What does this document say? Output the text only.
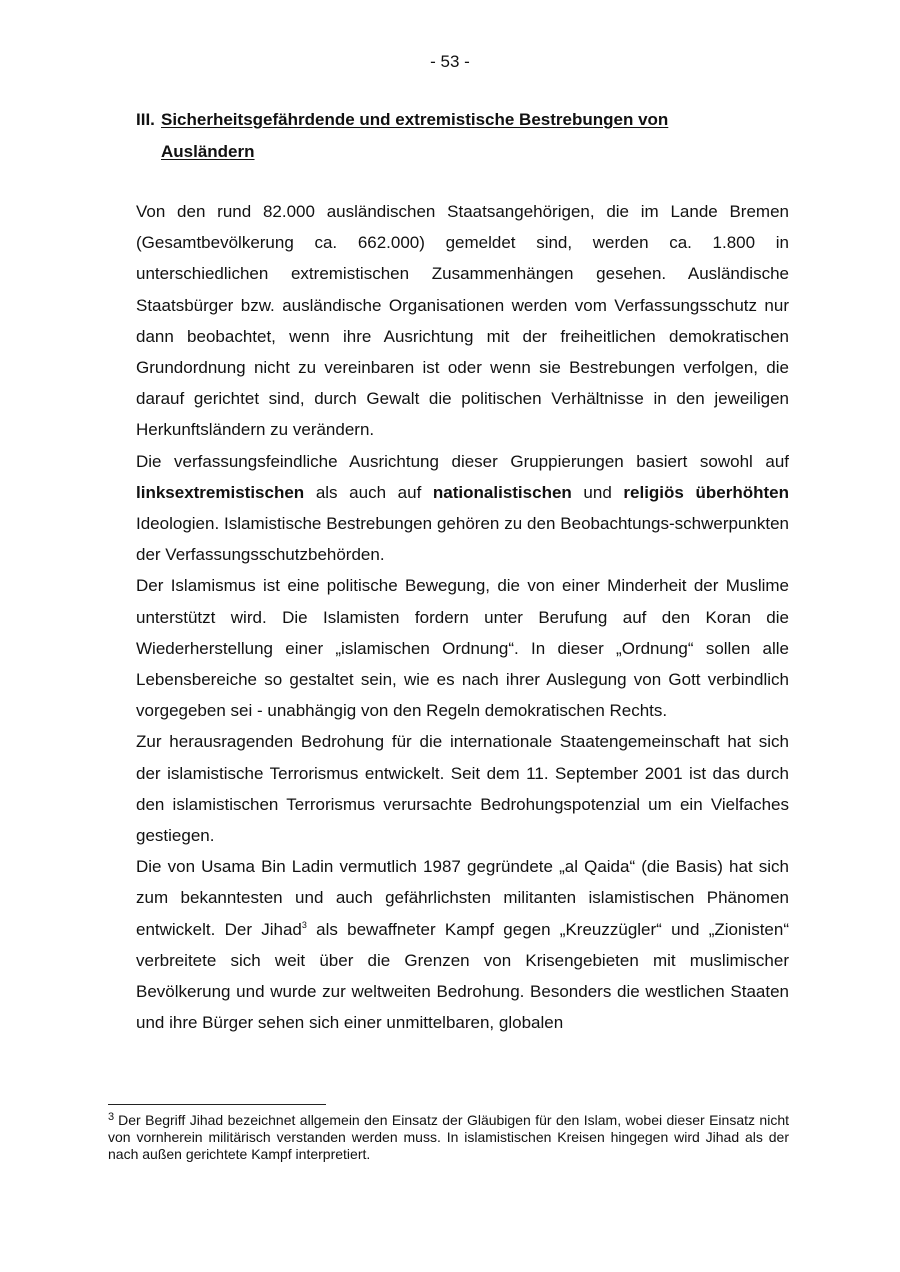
- 53 -
III. Sicherheitsgefährdende und extremistische Bestrebungen von
Ausländern

Von den rund 82.000 ausländischen Staatsangehörigen, die im Lande Bremen (Gesamtbevölkerung ca. 662.000) gemeldet sind, werden ca. 1.800 in unterschiedlichen extremistischen Zusammenhängen gesehen. Ausländische Staatsbürger bzw. ausländische Organisationen werden vom Verfassungsschutz nur dann beobachtet, wenn ihre Ausrichtung mit der freiheitlichen demokratischen Grundordnung nicht zu vereinbaren ist oder wenn sie Bestrebungen verfolgen, die darauf gerichtet sind, durch Gewalt die politischen Verhältnisse in den jeweiligen Herkunftsländern zu verändern.

Die verfassungsfeindliche Ausrichtung dieser Gruppierungen basiert sowohl auf linksextremistischen als auch auf nationalistischen und religiös überhöhten Ideologien. Islamistische Bestrebungen gehören zu den Beobachtungs-schwerpunkten der Verfassungsschutzbehörden.

Der Islamismus ist eine politische Bewegung, die von einer Minderheit der Muslime unterstützt wird. Die Islamisten fordern unter Berufung auf den Koran die Wiederherstellung einer „islamischen Ordnung“. In dieser „Ordnung“ sollen alle Lebensbereiche so gestaltet sein, wie es nach ihrer Auslegung von Gott verbindlich vorgegeben sei - unabhängig von den Regeln demokratischen Rechts.

Zur herausragenden Bedrohung für die internationale Staatengemeinschaft hat sich der islamistische Terrorismus entwickelt. Seit dem 11. September 2001 ist das durch den islamistischen Terrorismus verursachte Bedrohungspotenzial um ein Vielfaches gestiegen.

Die von Usama Bin Ladin vermutlich 1987 gegründete „al Qaida“ (die Basis) hat sich zum bekanntesten und auch gefährlichsten militanten islamistischen Phänomen entwickelt. Der Jihad$^3$ als bewaffneter Kampf gegen „Kreuzzügler“ und „Zionisten“ verbreitete sich weit über die Grenzen von Krisengebieten mit muslimischer Bevölkerung und wurde zur weltweiten Bedrohung. Besonders die westlichen Staaten und ihre Bürger sehen sich einer unmittelbaren, globalen

$^3$ Der Begriff Jihad bezeichnet allgemein den Einsatz der Gläubigen für den Islam, wobei dieser Einsatz nicht von vornherein militärisch verstanden werden muss. In islamistischen Kreisen hingegen wird Jihad als der nach außen gerichtete Kampf interpretiert.
